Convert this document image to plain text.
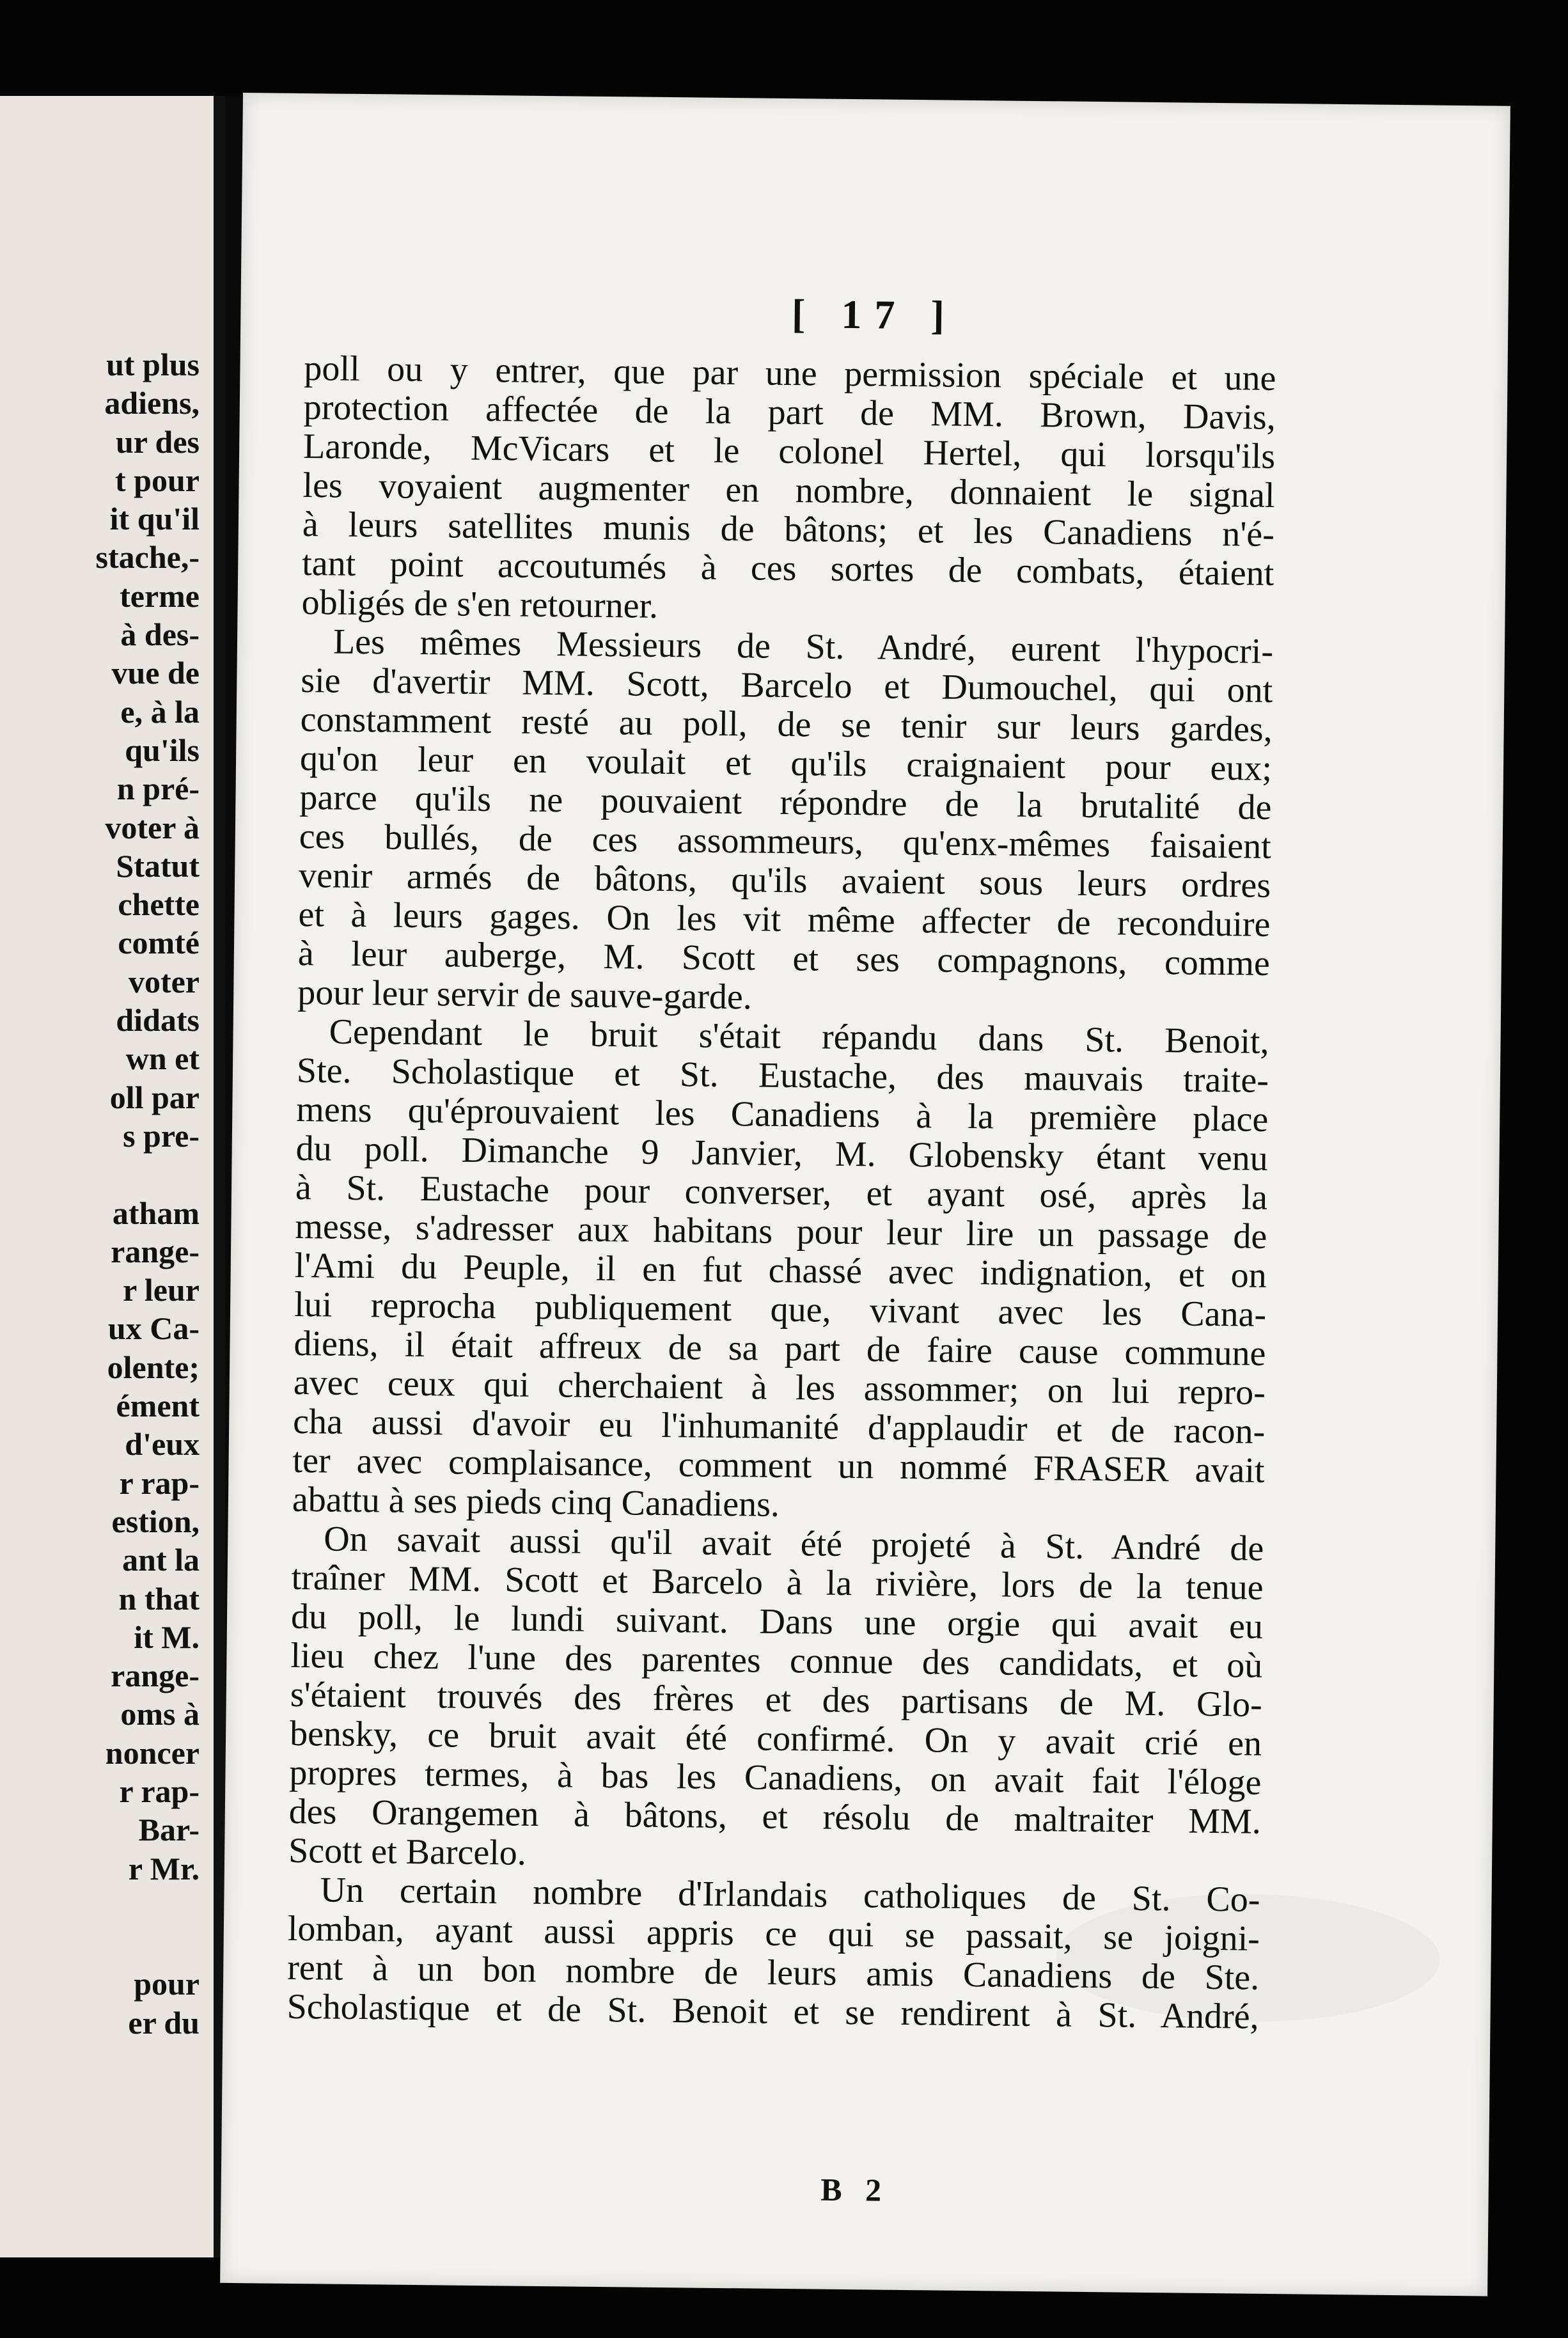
ut plus
adiens,
ur des
t pour
it qu'il
stache,-
terme
à des-
vue de
e, à la
qu'ils
n pré-
voter à
Statut
chette
comté
voter
didats
wn et
oll par
s pre-

atham
range-
r leur
ux Ca-
olente;
ément
d'eux
r rap-
estion,
ant la
n that
it M.
range-
oms à
noncer
r rap-
Bar-
r Mr.

pour
er du
[ 17 ]
poll ou y entrer, que par une permission spéciale et une
protection affectée de la part de MM. Brown, Davis,
Laronde, McVicars et le colonel Hertel, qui lorsqu'ils
les voyaient augmenter en nombre, donnaient le signal
à leurs satellites munis de bâtons; et les Canadiens n'é-
tant point accoutumés à ces sortes de combats, étaient
obligés de s'en retourner.
Les mêmes Messieurs de St. André, eurent l'hypocri-
sie d'avertir MM. Scott, Barcelo et Dumouchel, qui ont
constamment resté au poll, de se tenir sur leurs gardes,
qu'on leur en voulait et qu'ils craignaient pour eux;
parce qu'ils ne pouvaient répondre de la brutalité de
ces bullés, de ces assommeurs, qu'enx-mêmes faisaient
venir armés de bâtons, qu'ils avaient sous leurs ordres
et à leurs gages. On les vit même affecter de reconduire
à leur auberge, M. Scott et ses compagnons, comme
pour leur servir de sauve-garde.
Cependant le bruit s'était répandu dans St. Benoit,
Ste. Scholastique et St. Eustache, des mauvais traite-
mens qu'éprouvaient les Canadiens à la première place
du poll. Dimanche 9 Janvier, M. Globensky étant venu
à St. Eustache pour converser, et ayant osé, après la
messe, s'adresser aux habitans pour leur lire un passage de
l'Ami du Peuple, il en fut chassé avec indignation, et on
lui reprocha publiquement que, vivant avec les Cana-
diens, il était affreux de sa part de faire cause commune
avec ceux qui cherchaient à les assommer; on lui repro-
cha aussi d'avoir eu l'inhumanité d'applaudir et de racon-
ter avec complaisance, comment un nommé FRASER avait
abattu à ses pieds cinq Canadiens.
On savait aussi qu'il avait été projeté à St. André de
traîner MM. Scott et Barcelo à la rivière, lors de la tenue
du poll, le lundi suivant. Dans une orgie qui avait eu
lieu chez l'une des parentes connue des candidats, et où
s'étaient trouvés des frères et des partisans de M. Glo-
bensky, ce bruit avait été confirmé. On y avait crié en
propres termes, à bas les Canadiens, on avait fait l'éloge
des Orangemen à bâtons, et résolu de maltraiter MM.
Scott et Barcelo.
Un certain nombre d'Irlandais catholiques de St. Co-
lomban, ayant aussi appris ce qui se passait, se joigni-
rent à un bon nombre de leurs amis Canadiens de Ste.
Scholastique et de St. Benoit et se rendirent à St. André,
B 2
